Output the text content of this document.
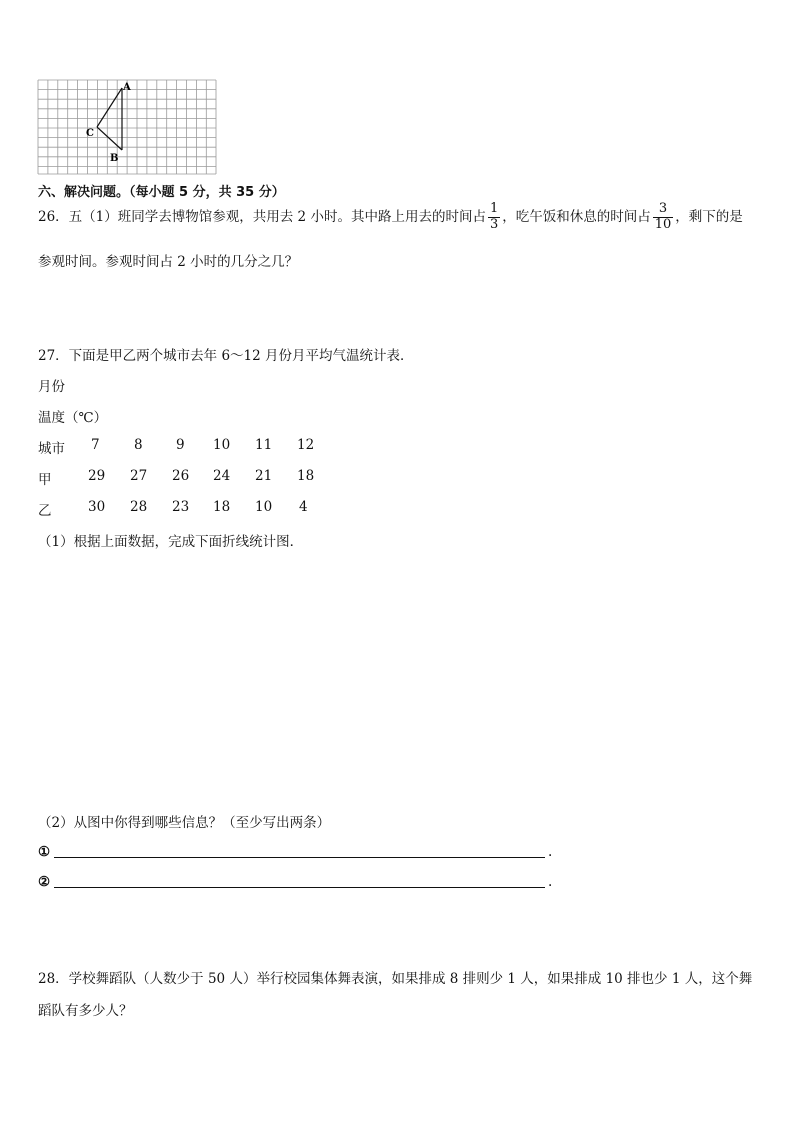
A
B
C
六、解决问题。（每小题 5 分，共 35 分）
26．五（1）班同学去博物馆参观，共用去 2 小时。其中路上用去的时间占 $\frac{1}{3}$ ，吃午饭和休息的时间占 $\frac{3}{10}$ ，剩下的是
参观时间。参观时间占 2 小时的几分之几？
27．下面是甲乙两个城市去年 6～12 月份月平均气温统计表．
月份
温度（℃）
城市 7	8 9 10 11 12
甲	29 27 26 24 21 18
乙	30 28 23 18 10 4
（1）根据上面数据，完成下面折线统计图．
（2）从图中你得到哪些信息？（至少写出两条）
①	.
②	.
28．学校舞蹈队（人数少于 50 人）举行校园集体舞表演，如果排成 8 排则少 1 人，如果排成 10 排也少 1 人，这个舞
蹈队有多少人？
